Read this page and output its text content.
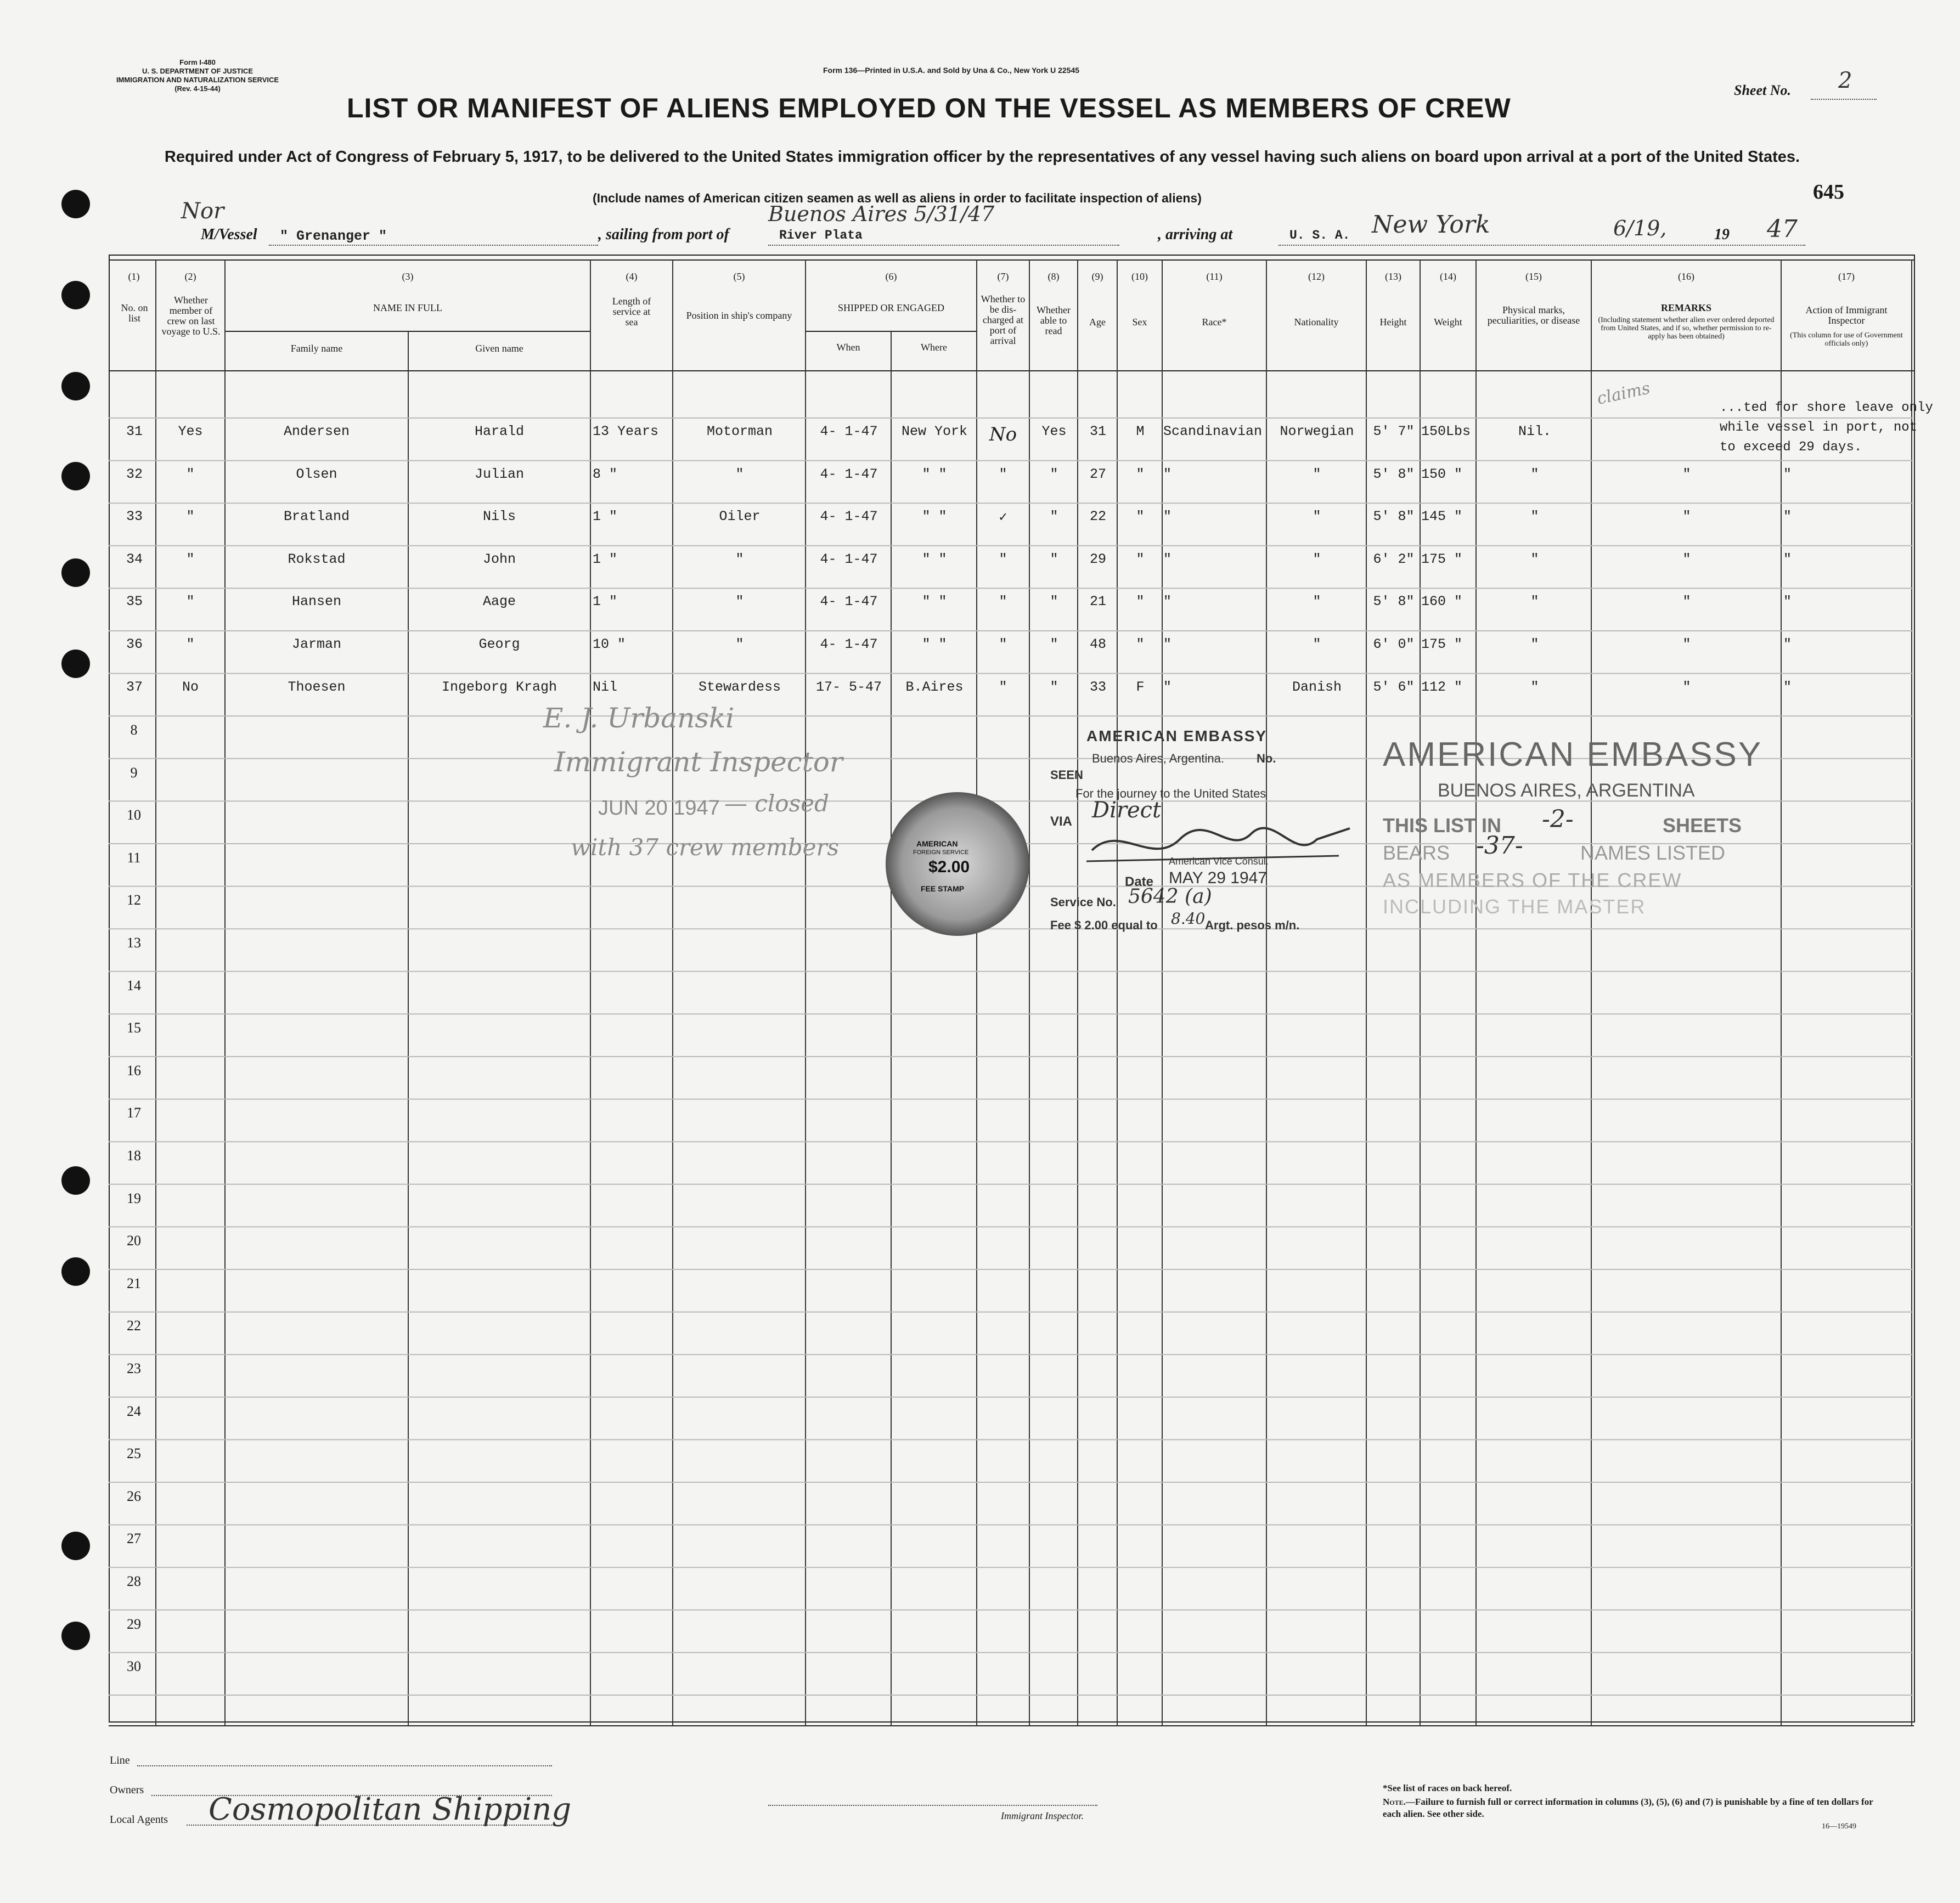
Form I-480
U. S. DEPARTMENT OF JUSTICE
IMMIGRATION AND NATURALIZATION SERVICE
(Rev. 4-15-44)
Form 136—Printed in U.S.A. and Sold by Una & Co., New York U 22545
Sheet No. 2
LIST OR MANIFEST OF ALIENS EMPLOYED ON THE VESSEL AS MEMBERS OF CREW
Required under Act of Congress of February 5, 1917, to be delivered to the United States immigration officer by the representatives of any vessel having such aliens on board upon arrival at a port of the United States.
(Include names of American citizen seamen as well as aliens in order to facilitate inspection of aliens)	645
Nor
M/Vessel " Grenanger "	, sailing from port of
Buenos Aires 5/31/47
River Plata	, arriving at	U. S. A. New York	6/19,	19 47
(1)
No. on list
(2)
Whether member of crew on last voyage to U.S.
(3)
NAME IN FULL
Family name	Given name
(4)
Length of service at sea
(5)
Position in ship's company
(6)
SHIPPED OR ENGAGED
When	Where
(7)
Whether to be dis-charged at port of arrival
(8)
Whether able to read
(9)
Age
(10)
Sex
(11)
Race*
(12)
Nationality
(13)
Height
(14)
Weight
(15)
Physical marks, peculiarities, or disease
(16)
REMARKS
(Including statement whether alien ever ordered deported from United States, and if so, whether permission to re-apply has been obtained)
(17)
Action of Immigrant Inspector
(This column for use of Government officials only)
31	Yes	Andersen	Harald	13 Years	Motorman	4- 1-47	New York	No	Yes	31	M	Scandinavian	Norwegian	5' 7" 150Lbs	Nil.
...ted for shore leave only while vessel in port, not to exceed 29 days.
32	"	Olsen	Julian	8 "	"	4- 1-47	" "	"	"	27	"	"	"	5' 8" 150 "	"	"	"
33	"	Bratland	Nils	1 "	Oiler	4- 1-47	" "	✓	"	22	"	"	"	5' 8" 145 "	"	"	"
34	"	Rokstad	John	1 "	"	4- 1-47	" "	"	"	29	"	"	"	6' 2" 175 "	"	"	"
35	"	Hansen	Aage	1 "	"	4- 1-47	" "	"	"	21	"	"	"	5' 8" 160 "	"	"	"
36	"	Jarman	Georg	10 "	"	4- 1-47	" "	"	"	48	"	"	"	6' 0" 175 "	"	"	"
37	No	Thoesen	Ingeborg Kragh	Nil	Stewardess	17- 5-47	B.Aires	"	"	33	F	"	Danish	5' 6" 112 "	"	"	"
8
9
10
11
12
13
14
15
16
17
18
19
20
21
22
23
24
25
26
27
28
29
30
E. J. Urbanski
Immigrant Inspector
JUN 20 1947 — closed
with 37 crew members	AMERICAN
FOREIGN SERVICE
$2.00
FEE STAMP
AMERICAN EMBASSY
Buenos Aires, Argentina.	No.
SEEN
For the journey to the United States
VIA Direct
American Vice Consul.
Date MAY 29 1947
Service No. 5642 (a)
Fee $ 2.00 equal to 8.40 Argt. pesos m/n.
AMERICAN EMBASSY
BUENOS AIRES, ARGENTINA
THIS LIST IN -2-	SHEETS
BEARS -37-	NAMES LISTED
AS MEMBERS OF THE CREW
INCLUDING THE MASTER
claims
Line
Owners
Local Agents Cosmopolitan Shipping	Immigrant Inspector.
*See list of races on back hereof.
Note.—Failure to furnish full or correct information in columns (3), (5), (6) and (7) is punishable by a fine of ten dollars for each alien. See other side.
16—19549
